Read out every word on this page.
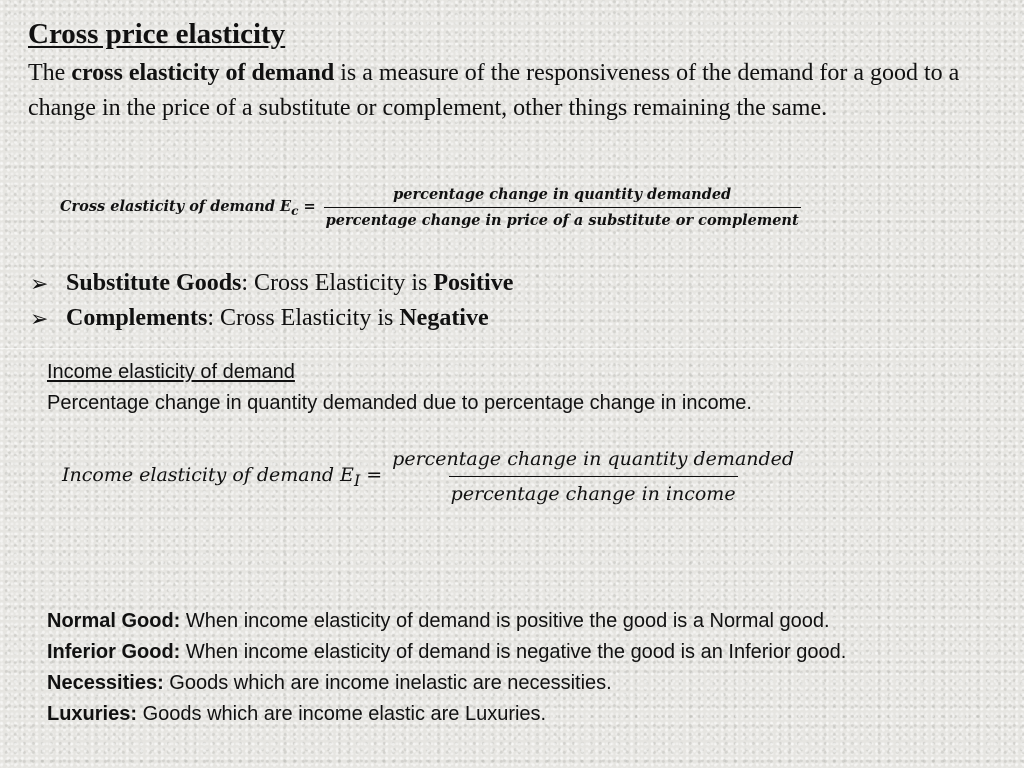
Cross price elasticity
The cross elasticity of demand is a measure of the responsiveness of the demand for a good to a change in the price of a substitute or complement, other things remaining the same.
Cross elasticity of demand $E_c = \frac{\text{percentage change in quantity demanded}}{\text{percentage change in price of a substitute or complement}}$
➢ Substitute Goods: Cross Elasticity is Positive
➢ Complements: Cross Elasticity is Negative
Income elasticity of demand
Percentage change in quantity demanded due to percentage change in income.
Income elasticity of demand $E_I = \frac{\text{percentage change in quantity demanded}}{\text{percentage change in income}}$
Normal Good: When income elasticity of demand is positive the good is a Normal good.
Inferior Good: When income elasticity of demand is negative the good is an Inferior good.
Necessities: Goods which are income inelastic are necessities.
Luxuries: Goods which are income elastic are Luxuries.
